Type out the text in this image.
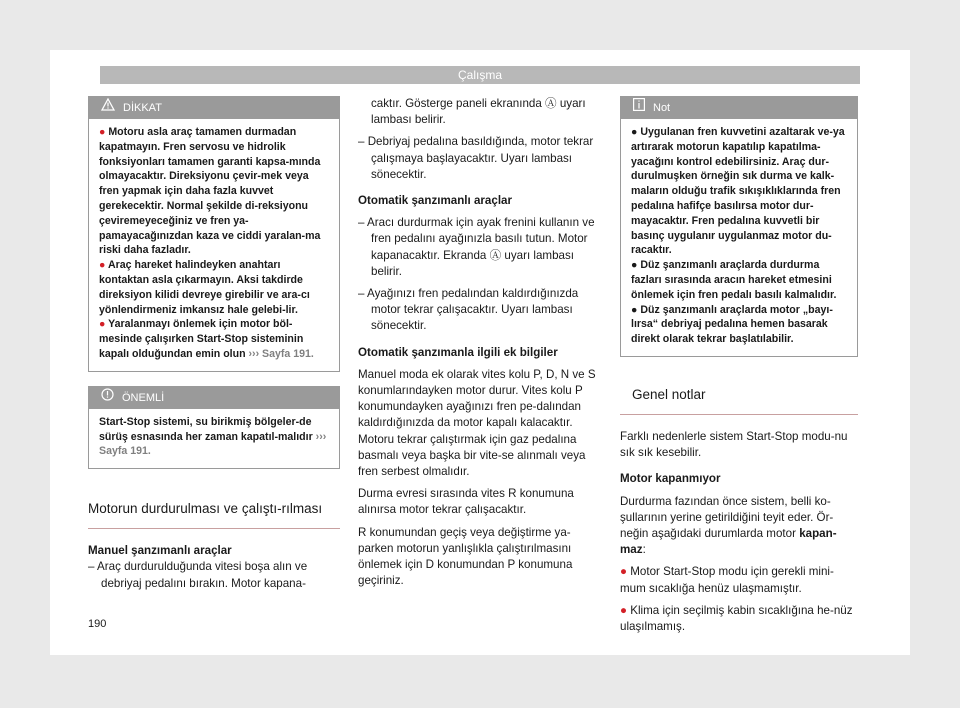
Çalışma
DİKKAT

● Motoru asla araç tamamen durmadan kapatmayın. Fren servosu ve hidrolik fonksiyonları tamamen garanti kapsa-mında olmayacaktır. Direksiyonu çevir-mek veya fren yapmak için daha fazla kuvvet gerekecektir. Normal şekilde di-reksiyonu çeviremeyeceğiniz ve fren ya-pamayacağınızdan kaza ve ciddi yaralan-ma riski daha fazladır.

● Araç hareket halindeyken anahtarı kontaktan asla çıkarmayın. Aksi takdirde direksiyon kilidi devreye girebilir ve ara-cı yönlendirmeniz imkansız hale gelebi-lir.

● Yaralanmayı önlemek için motor böl-mesinde çalışırken Start-Stop sisteminin kapalı olduğundan emin olun ››› Sayfa 191.

ÖNEMLİ

Start-Stop sistemi, su birikmiş bölgeler-de sürüş esnasında her zaman kapatıl-malıdır ››› Sayfa 191.

Motorun durdurulması ve çalıştı-rılması

Manuel şanzımanlı araçlar

– Araç durdurulduğunda vitesi boşa alın ve debriyaj pedalını bırakın. Motor kapana-

caktır. Gösterge paneli ekranında Ⓐ uyarı lambası belirir.

– Debriyaj pedalına basıldığında, motor tekrar çalışmaya başlayacaktır. Uyarı lambası sönecektir.

Otomatik şanzımanlı araçlar

– Aracı durdurmak için ayak frenini kullanın ve fren pedalını ayağınızla basılı tutun. Motor kapanacaktır. Ekranda Ⓐ uyarı lambası belirir.

– Ayağınızı fren pedalından kaldırdığınızda motor tekrar çalışacaktır. Uyarı lambası sönecektir.

Otomatik şanzımanla ilgili ek bilgiler

Manuel moda ek olarak vites kolu P, D, N ve S konumlarındayken motor durur. Vites kolu P konumundayken ayağınızı fren pe-dalından kaldırdığınızda da motor kapalı kalacaktır. Motoru tekrar çalıştırmak için gaz pedalına basmalı veya başka bir vite-se alınmalı veya fren serbest olmalıdır.

Durma evresi sırasında vites R konumuna alınırsa motor tekrar çalışacaktır.

R konumundan geçiş veya değiştirme ya-parken motorun yanlışlıkla çalıştırılmasını önlemek için D konumundan P konumuna geçiriniz.

Not

● Uygulanan fren kuvvetini azaltarak ve-ya artırarak motorun kapatılıp kapatılma-yacağını kontrol edebilirsiniz. Araç dur-durulmuşken örneğin sık durma ve kalk-maların olduğu trafik sıkışıklıklarında fren pedalına hafifçe basılırsa motor dur-mayacaktır. Fren pedalına kuvvetli bir basınç uygulanır uygulanmaz motor du-racaktır.

● Düz şanzımanlı araçlarda durdurma fazları sırasında aracın hareket etmesini önlemek için fren pedalı basılı kalmalıdır.

● Düz şanzımanlı araçlarda motor „bayı-lırsa“ debriyaj pedalına hemen basarak direkt olarak tekrar başlatılabilir.

Genel notlar

Farklı nedenlerle sistem Start-Stop modu-nu sık sık kesebilir.

Motor kapanmıyor

Durdurma fazından önce sistem, belli ko-şullarının yerine getirildiğini teyit eder. Ör-neğin aşağıdaki durumlarda motor kapan-maz:

● Motor Start-Stop modu için gerekli mini-mum sıcaklığa henüz ulaşmamıştır.

● Klima için seçilmiş kabin sıcaklığına he-nüz ulaşılmamış.

190
